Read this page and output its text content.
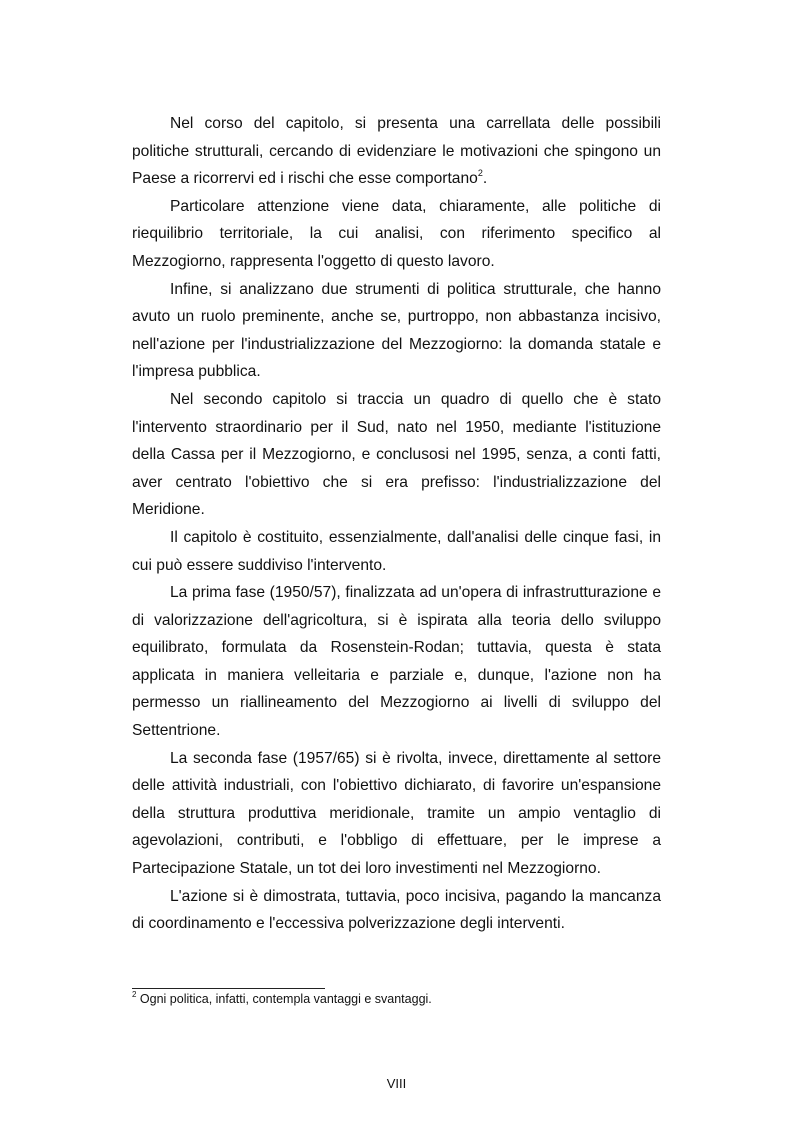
Nel corso del capitolo, si presenta una carrellata delle possibili politiche strutturali, cercando di evidenziare le motivazioni che spingono un Paese a ricorrervi ed i rischi che esse comportano$^2$.

Particolare attenzione viene data, chiaramente, alle politiche di riequilibrio territoriale, la cui analisi, con riferimento specifico al Mezzogiorno, rappresenta l'oggetto di questo lavoro.

Infine, si analizzano due strumenti di politica strutturale, che hanno avuto un ruolo preminente, anche se, purtroppo, non abbastanza incisivo, nell'azione per l'industrializzazione del Mezzogiorno: la domanda statale e l'impresa pubblica.

Nel secondo capitolo si traccia un quadro di quello che è stato l'intervento straordinario per il Sud, nato nel 1950, mediante l'istituzione della Cassa per il Mezzogiorno, e conclusosi nel 1995, senza, a conti fatti, aver centrato l'obiettivo che si era prefisso: l'industrializzazione del Meridione.

Il capitolo è costituito, essenzialmente, dall'analisi delle cinque fasi, in cui può essere suddiviso l'intervento.

La prima fase (1950/57), finalizzata ad un'opera di infrastrutturazione e di valorizzazione dell'agricoltura, si è ispirata alla teoria dello sviluppo equilibrato, formulata da Rosenstein-Rodan; tuttavia, questa è stata applicata in maniera velleitaria e parziale e, dunque, l'azione non ha permesso un riallineamento del Mezzogiorno ai livelli di sviluppo del Settentrione.

La seconda fase (1957/65) si è rivolta, invece, direttamente al settore delle attività industriali, con l'obiettivo dichiarato, di favorire un'espansione della struttura produttiva meridionale, tramite un ampio ventaglio di agevolazioni, contributi, e l'obbligo di effettuare, per le imprese a Partecipazione Statale, un tot dei loro investimenti nel Mezzogiorno.

L'azione si è dimostrata, tuttavia, poco incisiva, pagando la mancanza di coordinamento e l'eccessiva polverizzazione degli interventi.

$^2$ Ogni politica, infatti, contempla vantaggi e svantaggi.

VIII
